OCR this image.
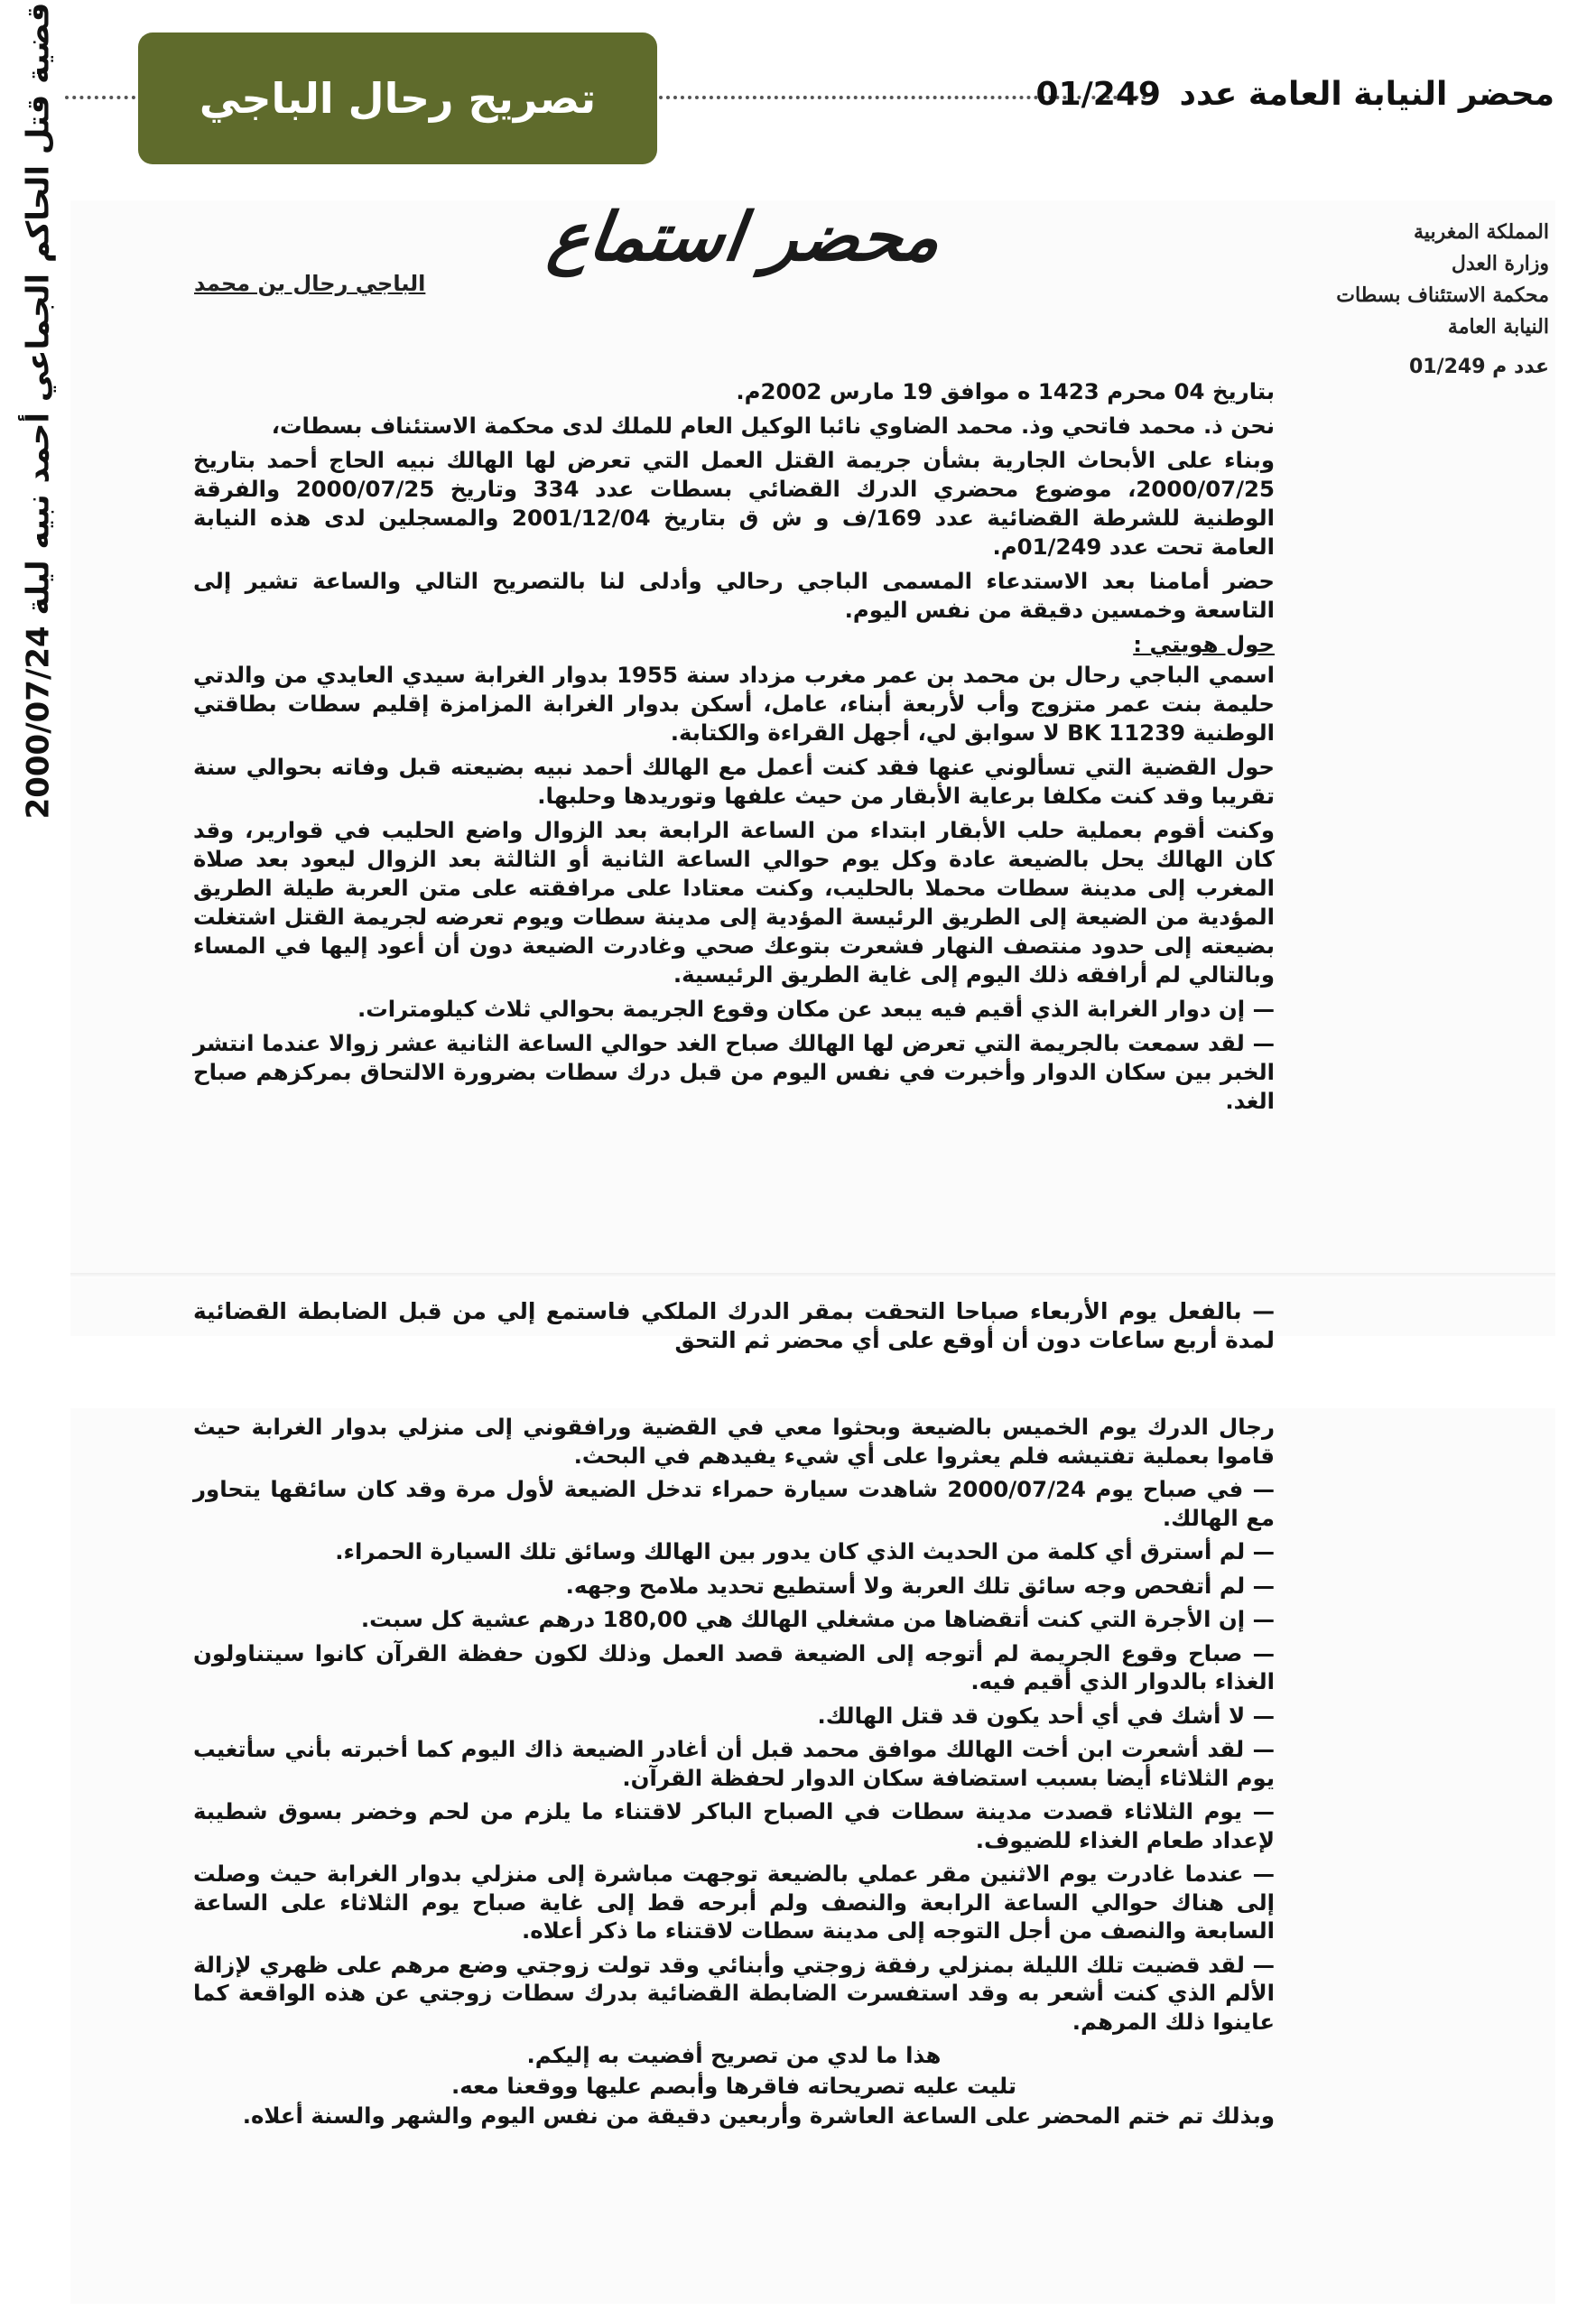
تصريح رحال الباجي	محضر النيابة العامة عدد 01/249
قضية قتل الحاكم الجماعي أحمد نبيه ليلة 2000/07/24	المملكة المغربية
وزارة العدل
محكمة الاستئناف بسطات
النيابة العامة
محضر استماع
الباجي رحال بن محمد
عدد 01/249 م

بتاريخ 04 محرم 1423 ه موافق 19 مارس 2002م.

نحن ذ. محمد فاتحي وذ. محمد الضاوي نائبا الوكيل العام للملك لدى محكمة الاستئناف بسطات،

وبناء على الأبحاث الجارية بشأن جريمة القتل العمل التي تعرض لها الهالك نبيه الحاج أحمد بتاريخ 2000/07/25، موضوع محضري الدرك القضائي بسطات عدد 334 وتاريخ 2000/07/25 والفرقة الوطنية للشرطة القضائية عدد 169/ف و ش ق بتاريخ 2001/12/04 والمسجلين لدى هذه النيابة العامة تحت عدد 01/249م.

حضر أمامنا بعد الاستدعاء المسمى الباجي رحالي وأدلى لنا بالتصريح التالي والساعة تشير إلى التاسعة وخمسين دقيقة من نفس اليوم.

حول هويتي :

اسمي الباجي رحال بن محمد بن عمر مغرب مزداد سنة 1955 بدوار الغرابة سيدي العايدي من والدتي حليمة بنت عمر متزوج وأب لأربعة أبناء، عامل، أسكن بدوار الغرابة المزامزة إقليم سطات بطاقتي الوطنية BK 11239 لا سوابق لي، أجهل القراءة والكتابة.

حول القضية التي تسألوني عنها فقد كنت أعمل مع الهالك أحمد نبيه بضيعته قبل وفاته بحوالي سنة تقريبا وقد كنت مكلفا برعاية الأبقار من حيث علفها وتوريدها وحلبها.

وكنت أقوم بعملية حلب الأبقار ابتداء من الساعة الرابعة بعد الزوال واضع الحليب في قوارير، وقد كان الهالك يحل بالضيعة عادة وكل يوم حوالي الساعة الثانية أو الثالثة بعد الزوال ليعود بعد صلاة المغرب إلى مدينة سطات محملا بالحليب، وكنت معتادا على مرافقته على متن العربة طيلة الطريق المؤدية من الضيعة إلى الطريق الرئيسة المؤدية إلى مدينة سطات ويوم تعرضه لجريمة القتل اشتغلت بضيعته إلى حدود منتصف النهار فشعرت بتوعك صحي وغادرت الضيعة دون أن أعود إليها في المساء وبالتالي لم أرافقه ذلك اليوم إلى غاية الطريق الرئيسية.

— إن دوار الغرابة الذي أقيم فيه يبعد عن مكان وقوع الجريمة بحوالي ثلاث كيلومترات.

— لقد سمعت بالجريمة التي تعرض لها الهالك صباح الغد حوالي الساعة الثانية عشر زوالا عندما انتشر الخبر بين سكان الدوار وأخبرت في نفس اليوم من قبل درك سطات بضرورة الالتحاق بمركزهم صباح الغد.

— بالفعل يوم الأربعاء صباحا التحقت بمقر الدرك الملكي فاستمع إلي من قبل الضابطة القضائية لمدة أربع ساعات دون أن أوقع على أي محضر ثم التحق

رجال الدرك يوم الخميس بالضيعة وبحثوا معي في القضية ورافقوني إلى منزلي بدوار الغرابة حيث قاموا بعملية تفتيشه فلم يعثروا على أي شيء يفيدهم في البحث.

— في صباح يوم 2000/07/24 شاهدت سيارة حمراء تدخل الضيعة لأول مرة وقد كان سائقها يتحاور مع الهالك.

— لم أسترق أي كلمة من الحديث الذي كان يدور بين الهالك وسائق تلك السيارة الحمراء.

— لم أتفحص وجه سائق تلك العربة ولا أستطيع تحديد ملامح وجهه.

— إن الأجرة التي كنت أتقضاها من مشغلي الهالك هي 180,00 درهم عشية كل سبت.

— صباح وقوع الجريمة لم أتوجه إلى الضيعة قصد العمل وذلك لكون حفظة القرآن كانوا سيتناولون الغذاء بالدوار الذي أقيم فيه.

— لا أشك في أي أحد يكون قد قتل الهالك.

— لقد أشعرت ابن أخت الهالك موافق محمد قبل أن أغادر الضيعة ذاك اليوم كما أخبرته بأني سأتغيب يوم الثلاثاء أيضا بسبب استضافة سكان الدوار لحفظة القرآن.

— يوم الثلاثاء قصدت مدينة سطات في الصباح الباكر لاقتناء ما يلزم من لحم وخضر بسوق شطيبة لإعداد طعام الغذاء للضيوف.

— عندما غادرت يوم الاثنين مقر عملي بالضيعة توجهت مباشرة إلى منزلي بدوار الغرابة حيث وصلت إلى هناك حوالي الساعة الرابعة والنصف ولم أبرحه قط إلى غاية صباح يوم الثلاثاء على الساعة السابعة والنصف من أجل التوجه إلى مدينة سطات لاقتناء ما ذكر أعلاه.

— لقد قضيت تلك الليلة بمنزلي رفقة زوجتي وأبنائي وقد تولت زوجتي وضع مرهم على ظهري لإزالة الألم الذي كنت أشعر به وقد استفسرت الضابطة القضائية بدرك سطات زوجتي عن هذه الواقعة كما عاينوا ذلك المرهم.

هذا ما لدي من تصريح أفضيت به إليكم.

تليت عليه تصريحاته فاقرها وأبصم عليها ووقعنا معه.

وبذلك تم ختم المحضر على الساعة العاشرة وأربعين دقيقة من نفس اليوم والشهر والسنة أعلاه.
